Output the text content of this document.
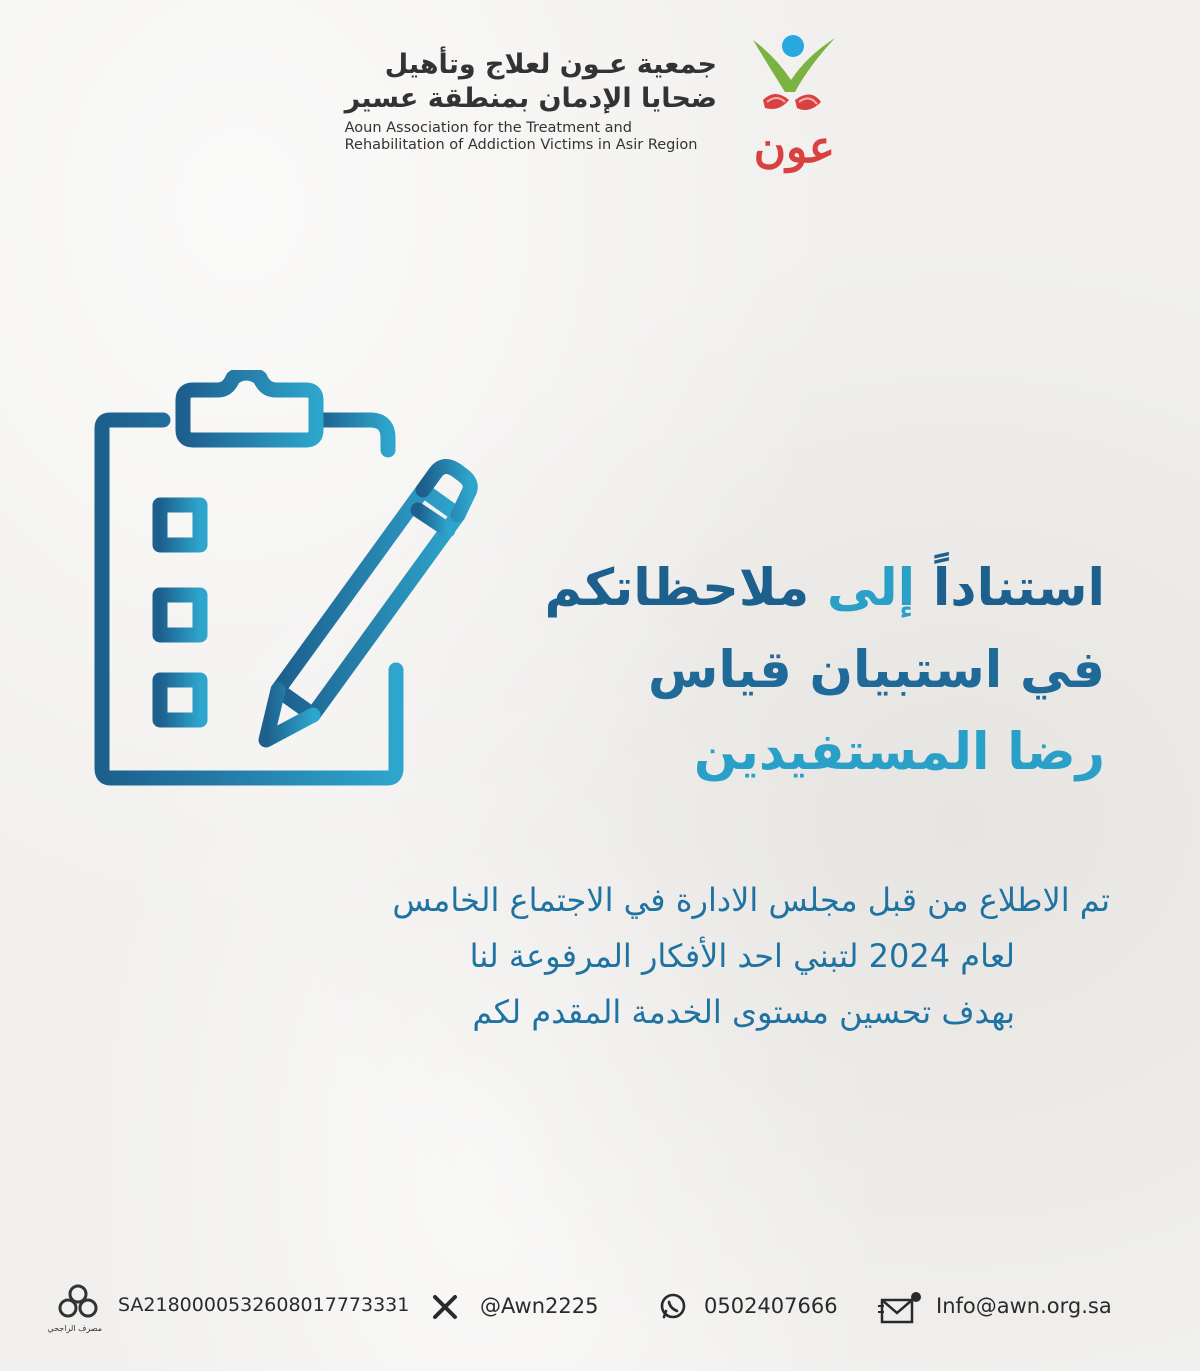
جمعية عـون لعلاج وتأهيل
ضحايا الإدمان بمنطقة عسير
Aoun Association for the Treatment and
Rehabilitation of Addiction Victims in Asir Region	عون
استناداً إلى ملاحظاتكم
في استبيان قياس
رضا المستفيدين
تم الاطلاع من قبل مجلس الادارة في الاجتماع الخامس
لعام 2024 لتبني احد الأفكار المرفوعة لنا
بهدف تحسين مستوى الخدمة المقدم لكم
مصرف الراجحي
SA2180000532608017773331	@Awn2225	0502407666	Info@awn.org.sa
